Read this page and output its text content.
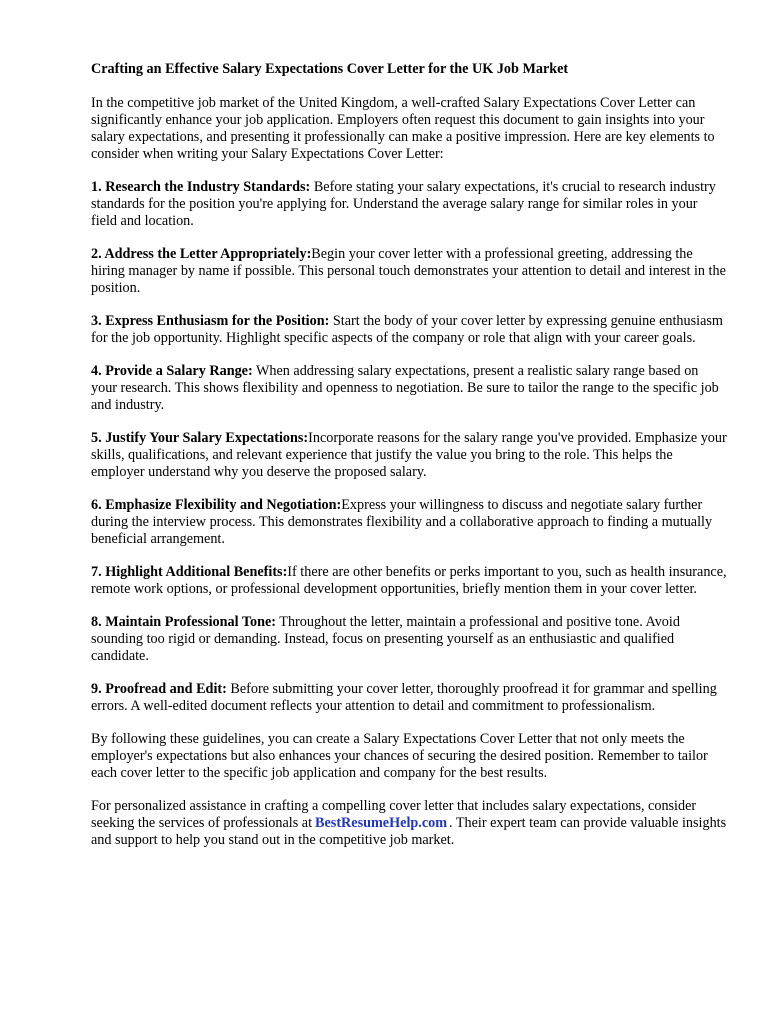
Crafting an Effective Salary Expectations Cover Letter for the UK Job Market
In the competitive job market of the United Kingdom, a well-crafted Salary Expectations Cover Letter can significantly enhance your job application. Employers often request this document to gain insights into your salary expectations, and presenting it professionally can make a positive impression. Here are key elements to consider when writing your Salary Expectations Cover Letter:
1. Research the Industry Standards: Before stating your salary expectations, it's crucial to research industry standards for the position you're applying for. Understand the average salary range for similar roles in your field and location.
2. Address the Letter Appropriately:Begin your cover letter with a professional greeting, addressing the hiring manager by name if possible. This personal touch demonstrates your attention to detail and interest in the position.
3. Express Enthusiasm for the Position: Start the body of your cover letter by expressing genuine enthusiasm for the job opportunity. Highlight specific aspects of the company or role that align with your career goals.
4. Provide a Salary Range: When addressing salary expectations, present a realistic salary range based on your research. This shows flexibility and openness to negotiation. Be sure to tailor the range to the specific job and industry.
5. Justify Your Salary Expectations:Incorporate reasons for the salary range you've provided. Emphasize your skills, qualifications, and relevant experience that justify the value you bring to the role. This helps the employer understand why you deserve the proposed salary.
6. Emphasize Flexibility and Negotiation:Express your willingness to discuss and negotiate salary further during the interview process. This demonstrates flexibility and a collaborative approach to finding a mutually beneficial arrangement.
7. Highlight Additional Benefits:If there are other benefits or perks important to you, such as health insurance, remote work options, or professional development opportunities, briefly mention them in your cover letter.
8. Maintain Professional Tone: Throughout the letter, maintain a professional and positive tone. Avoid sounding too rigid or demanding. Instead, focus on presenting yourself as an enthusiastic and qualified candidate.
9. Proofread and Edit: Before submitting your cover letter, thoroughly proofread it for grammar and spelling errors. A well-edited document reflects your attention to detail and commitment to professionalism.
By following these guidelines, you can create a Salary Expectations Cover Letter that not only meets the employer's expectations but also enhances your chances of securing the desired position. Remember to tailor each cover letter to the specific job application and company for the best results.
For personalized assistance in crafting a compelling cover letter that includes salary expectations, consider seeking the services of professionals at BestResumeHelp.com . Their expert team can provide valuable insights and support to help you stand out in the competitive job market.
